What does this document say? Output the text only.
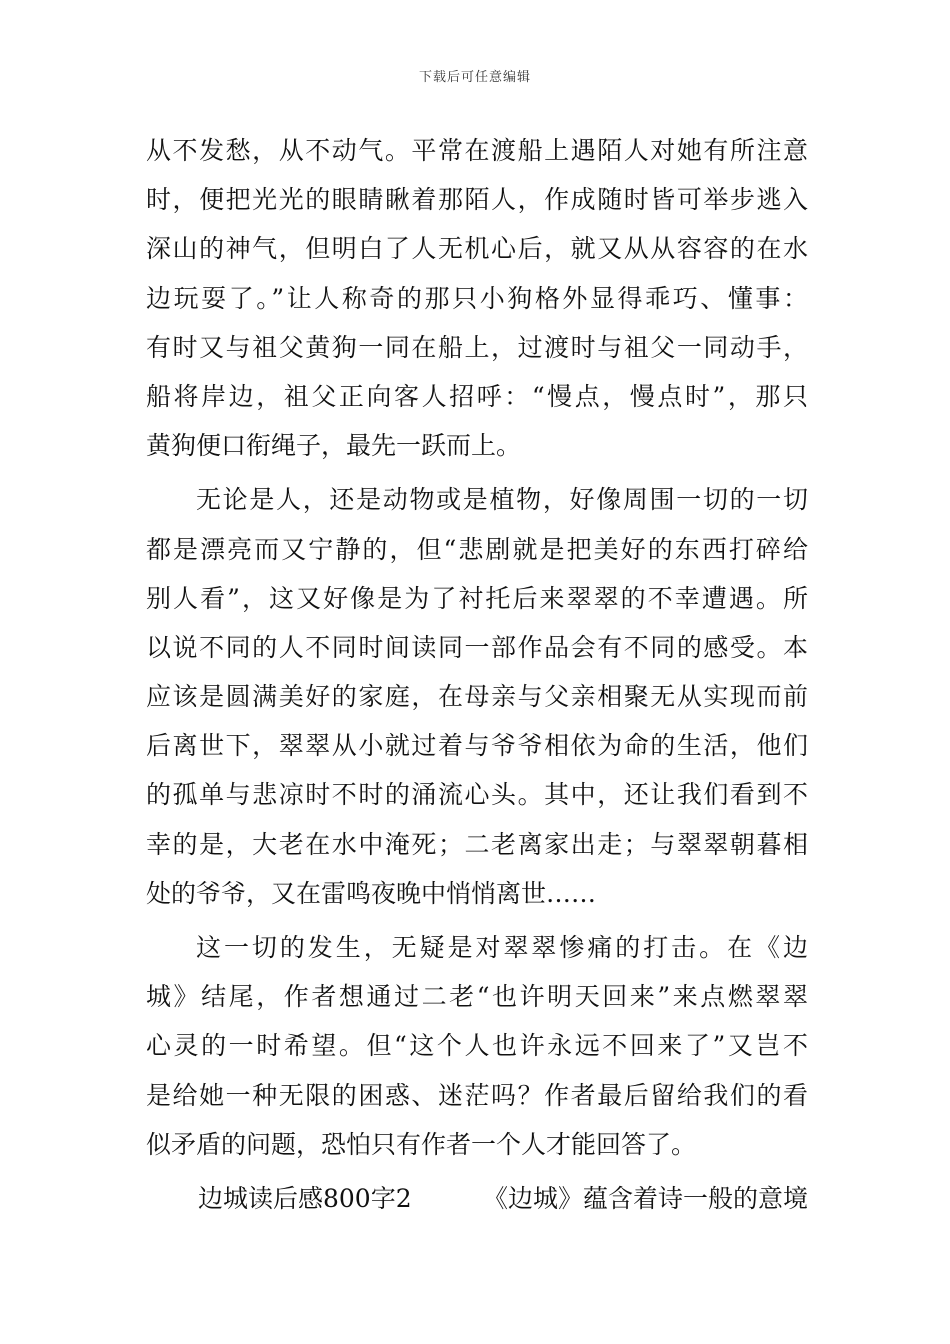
下载后可任意编辑
从不发愁，从不动气。平常在渡船上遇陌人对她有所注意
时，便把光光的眼睛瞅着那陌人，作成随时皆可举步逃入
深山的神气，但明白了人无机心后，就又从从容容的在水
边玩耍了。”让人称奇的那只小狗格外显得乖巧、懂事：
有时又与祖父黄狗一同在船上，过渡时与祖父一同动手，
船将岸边，祖父正向客人招呼：“慢点，慢点时”，那只
黄狗便口衔绳子，最先一跃而上。
无论是人，还是动物或是植物，好像周围一切的一切
都是漂亮而又宁静的，但“悲剧就是把美好的东西打碎给
别人看”，这又好像是为了衬托后来翠翠的不幸遭遇。所
以说不同的人不同时间读同一部作品会有不同的感受。本
应该是圆满美好的家庭，在母亲与父亲相聚无从实现而前
后离世下，翠翠从小就过着与爷爷相依为命的生活，他们
的孤单与悲凉时不时的涌流心头。其中，还让我们看到不
幸的是，大老在水中淹死；二老离家出走；与翠翠朝暮相
处的爷爷，又在雷鸣夜晚中悄悄离世……
这一切的发生，无疑是对翠翠惨痛的打击。在《边
城》结尾，作者想通过二老“也许明天回来”来点燃翠翠
心灵的一时希望。但“这个人也许永远不回来了”又岂不
是给她一种无限的困惑、迷茫吗？作者最后留给我们的看
似矛盾的问题，恐怕只有作者一个人才能回答了。
边城读后感800字2	《边城》蕴含着诗一般的意境
